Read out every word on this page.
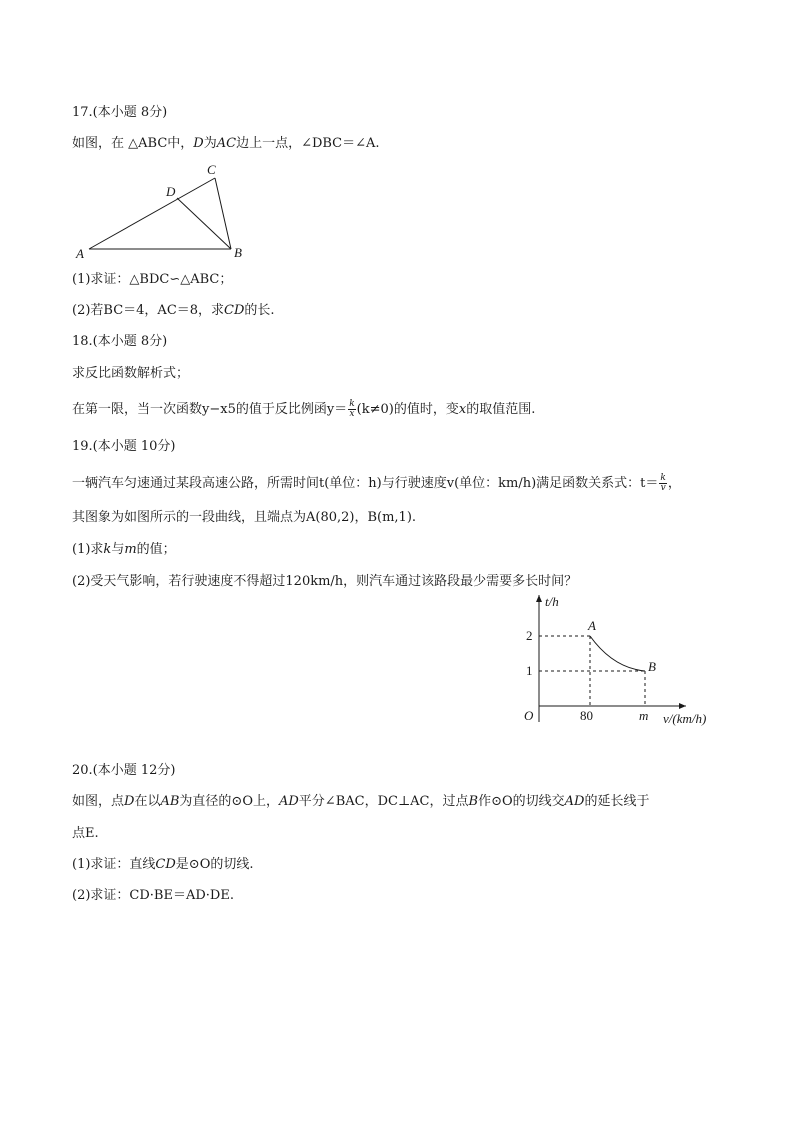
17.(本小题 8分)
如图，在 △ABC中，D为AC边上一点，∠DBC＝∠A.
A	B
C
D
(1)求证：△BDC∽△ABC；
(2)若BC＝4，AC＝8，求CD的长.
18.(本小题 8分)
求反比函数解析式；
在第一限，当一次函数y−x5的值于反比例函$y= \frac{k}{x} (k\ne 0)$的值时，变x的取值范围.
19.(本小题 10分)
一辆汽车匀速通过某段高速公路，所需时间t(单位：h)与行驶速度v(单位：km/h)满足函数关系式：$t= \frac{k}{v}$ ，
其图象为如图所示的一段曲线，且端点为A(80,2)，B(m,1).
(1)求k与m的值；
(2)受天气影响，若行驶速度不得超过120km/h，则汽车通过该路段最少需要多长时间？
t/h
2
1
O	80	m v/(km/h)
A
B
20.(本小题 12分)
如图，点D在以AB为直径的⊙O上，AD平分∠BAC，DC⊥AC，过点B作⊙O的切线交AD的延长线于
点E.
(1)求证：直线CD是⊙O的切线.
(2)求证：CD·BE＝AD·DE.
